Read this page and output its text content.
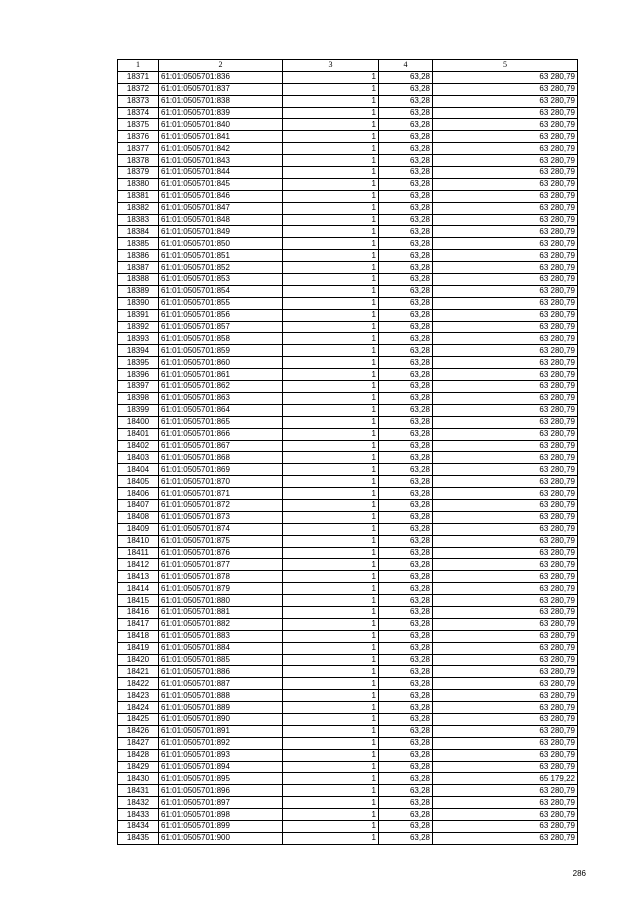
1	2	3	4	5
18371	61:01:0505701:836	1	63,28	63 280,79
18372	61:01:0505701:837	1	63,28	63 280,79
18373	61:01:0505701:838	1	63,28	63 280,79
18374	61:01:0505701:839	1	63,28	63 280,79
18375	61:01:0505701:840	1	63,28	63 280,79
18376	61:01:0505701:841	1	63,28	63 280,79
18377	61:01:0505701:842	1	63,28	63 280,79
18378	61:01:0505701:843	1	63,28	63 280,79
18379	61:01:0505701:844	1	63,28	63 280,79
18380	61:01:0505701:845	1	63,28	63 280,79
18381	61:01:0505701:846	1	63,28	63 280,79
18382	61:01:0505701:847	1	63,28	63 280,79
18383	61:01:0505701:848	1	63,28	63 280,79
18384	61:01:0505701:849	1	63,28	63 280,79
18385	61:01:0505701:850	1	63,28	63 280,79
18386	61:01:0505701:851	1	63,28	63 280,79
18387	61:01:0505701:852	1	63,28	63 280,79
18388	61:01:0505701:853	1	63,28	63 280,79
18389	61:01:0505701:854	1	63,28	63 280,79
18390	61:01:0505701:855	1	63,28	63 280,79
18391	61:01:0505701:856	1	63,28	63 280,79
18392	61:01:0505701:857	1	63,28	63 280,79
18393	61:01:0505701:858	1	63,28	63 280,79
18394	61:01:0505701:859	1	63,28	63 280,79
18395	61:01:0505701:860	1	63,28	63 280,79
18396	61:01:0505701:861	1	63,28	63 280,79
18397	61:01:0505701:862	1	63,28	63 280,79
18398	61:01:0505701:863	1	63,28	63 280,79
18399	61:01:0505701:864	1	63,28	63 280,79
18400	61:01:0505701:865	1	63,28	63 280,79
18401	61:01:0505701:866	1	63,28	63 280,79
18402	61:01:0505701:867	1	63,28	63 280,79
18403	61:01:0505701:868	1	63,28	63 280,79
18404	61:01:0505701:869	1	63,28	63 280,79
18405	61:01:0505701:870	1	63,28	63 280,79
18406	61:01:0505701:871	1	63,28	63 280,79
18407	61:01:0505701:872	1	63,28	63 280,79
18408	61:01:0505701:873	1	63,28	63 280,79
18409	61:01:0505701:874	1	63,28	63 280,79
18410	61:01:0505701:875	1	63,28	63 280,79
18411	61:01:0505701:876	1	63,28	63 280,79
18412	61:01:0505701:877	1	63,28	63 280,79
18413	61:01:0505701:878	1	63,28	63 280,79
18414	61:01:0505701:879	1	63,28	63 280,79
18415	61:01:0505701:880	1	63,28	63 280,79
18416	61:01:0505701:881	1	63,28	63 280,79
18417	61:01:0505701:882	1	63,28	63 280,79
18418	61:01:0505701:883	1	63,28	63 280,79
18419	61:01:0505701:884	1	63,28	63 280,79
18420	61:01:0505701:885	1	63,28	63 280,79
18421	61:01:0505701:886	1	63,28	63 280,79
18422	61:01:0505701:887	1	63,28	63 280,79
18423	61:01:0505701:888	1	63,28	63 280,79
18424	61:01:0505701:889	1	63,28	63 280,79
18425	61:01:0505701:890	1	63,28	63 280,79
18426	61:01:0505701:891	1	63,28	63 280,79
18427	61:01:0505701:892	1	63,28	63 280,79
18428	61:01:0505701:893	1	63,28	63 280,79
18429	61:01:0505701:894	1	63,28	63 280,79
18430	61:01:0505701:895	1	63,28	65 179,22
18431	61:01:0505701:896	1	63,28	63 280,79
18432	61:01:0505701:897	1	63,28	63 280,79
18433	61:01:0505701:898	1	63,28	63 280,79
18434	61:01:0505701:899	1	63,28	63 280,79
18435	61:01:0505701:900	1	63,28	63 280,79
286
